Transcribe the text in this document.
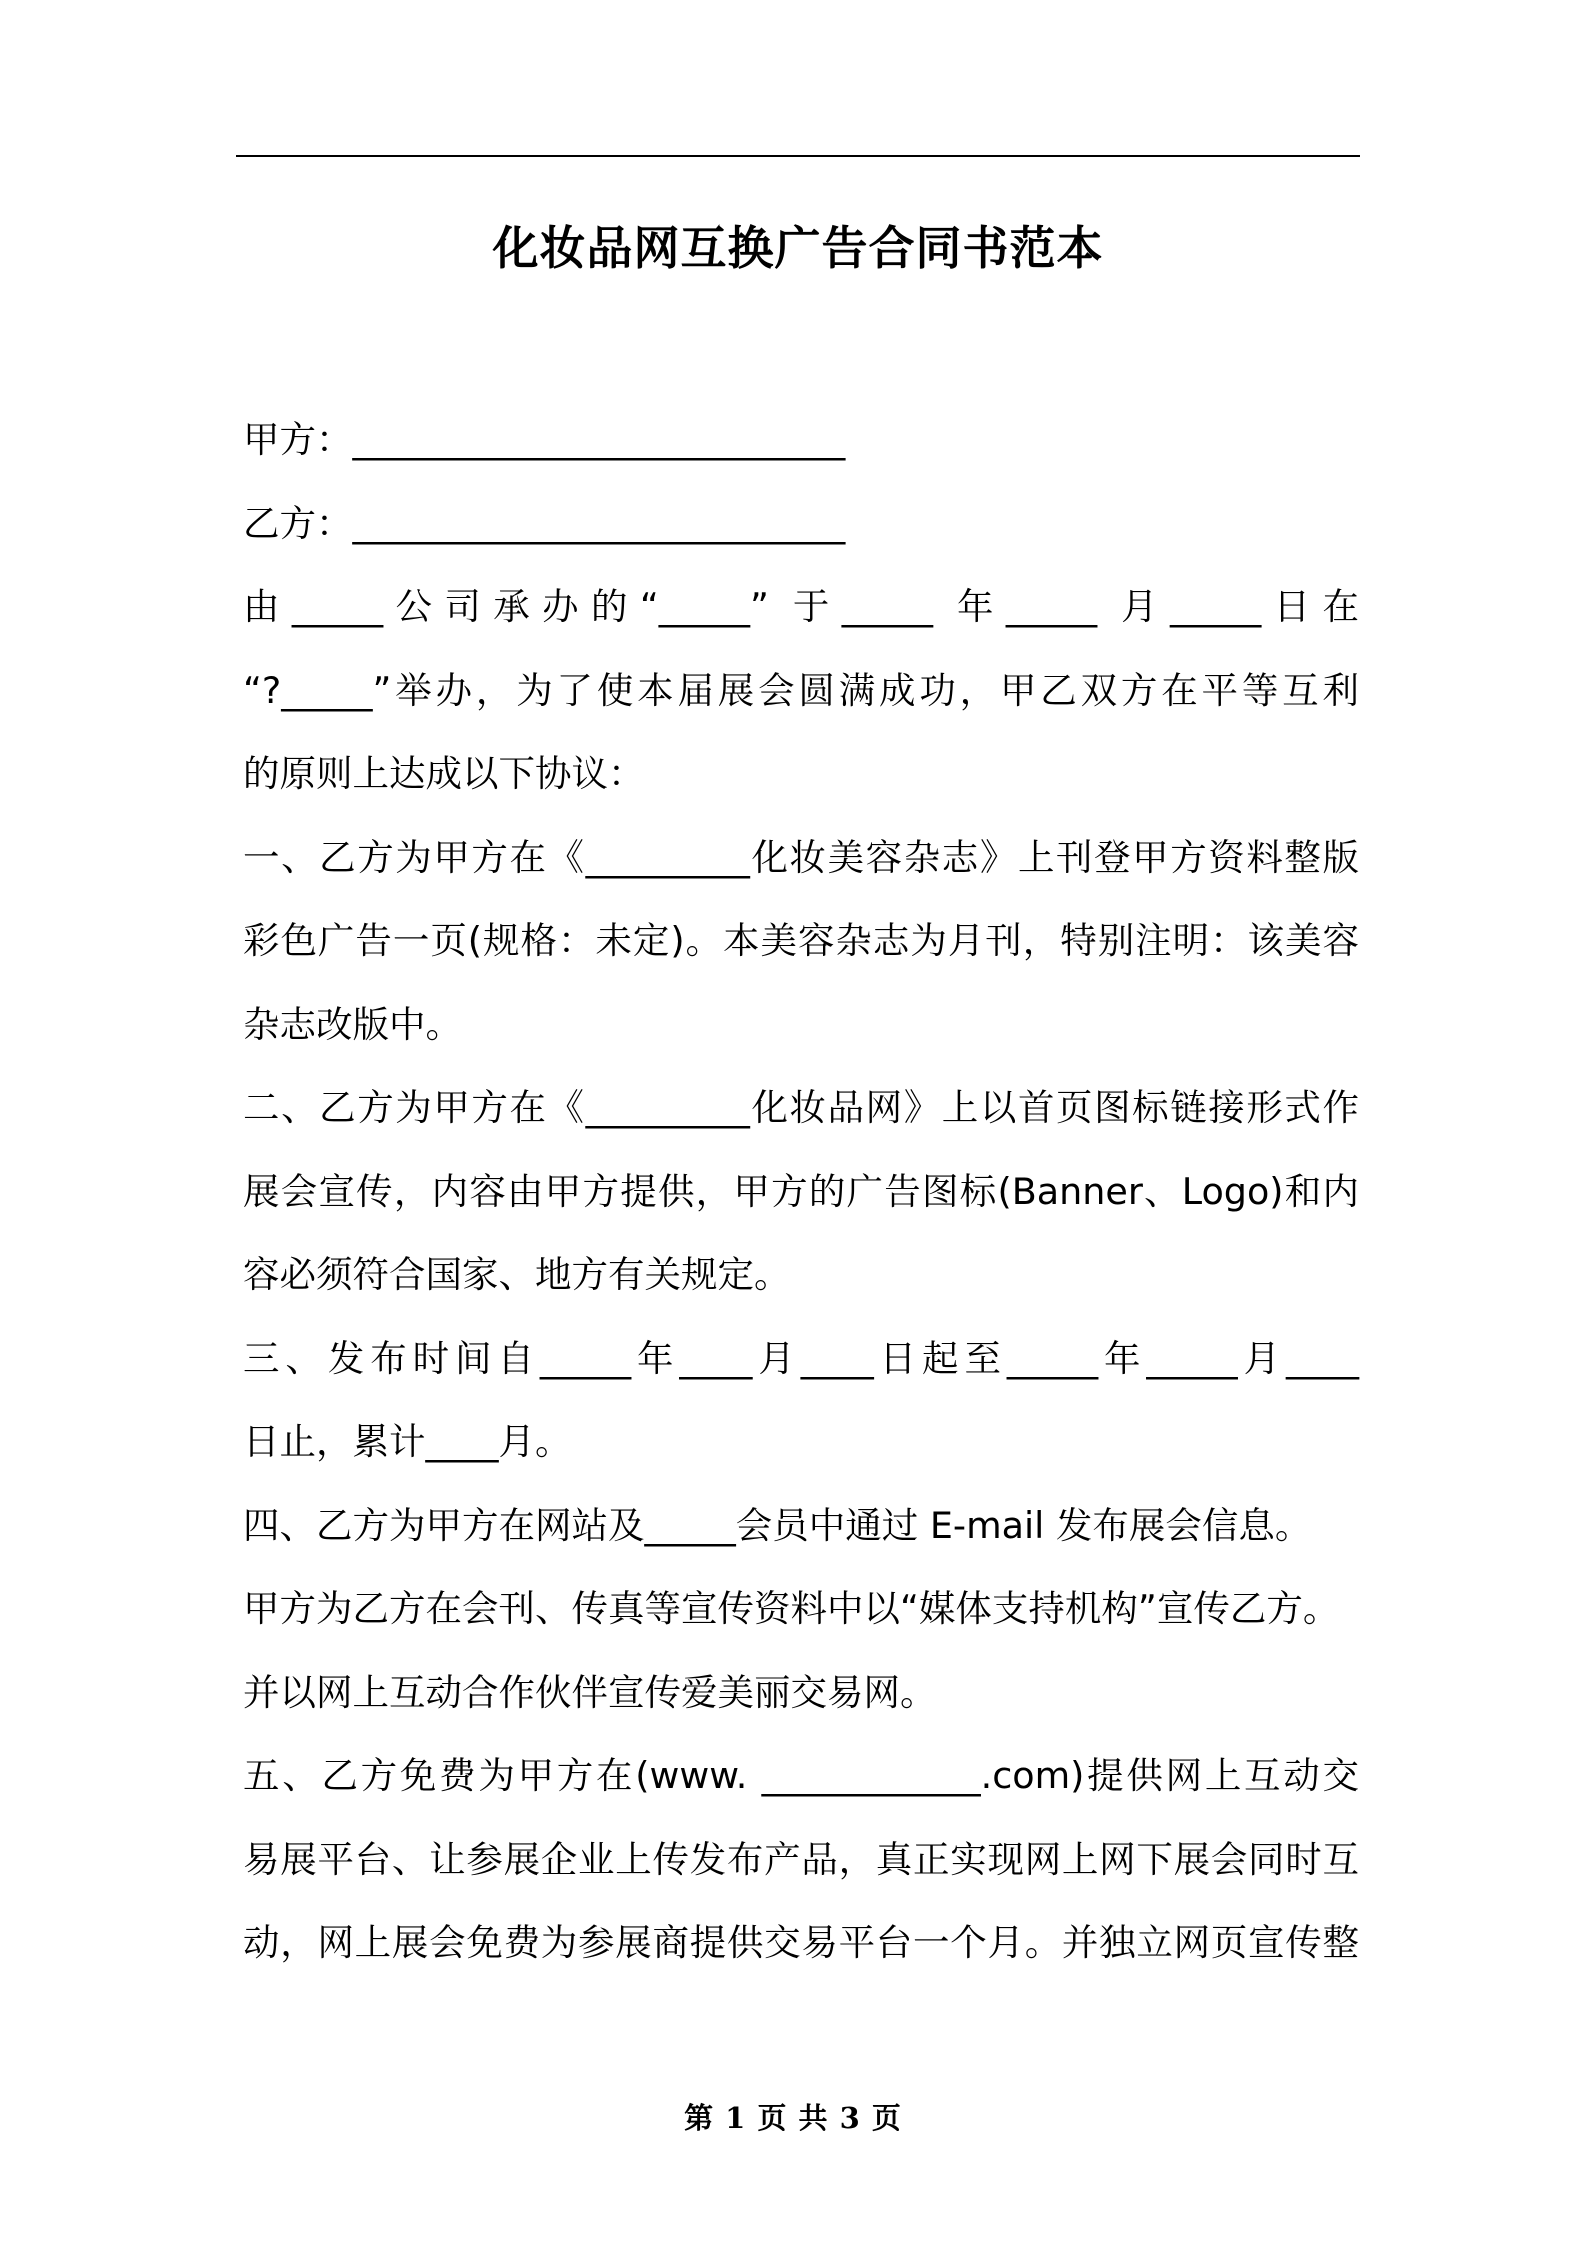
化妆品网互换广告合同书范本

甲方：___________________________

乙方：___________________________

由_____公司承办的“_____” 于_____ 年_____ 月_____日在
“?_____”举办，为了使本届展会圆满成功，甲乙双方在平等互利
的原则上达成以下协议：

一、乙方为甲方在《_________化妆美容杂志》上刊登甲方资料整版
彩色广告一页(规格：未定)。本美容杂志为月刊，特别注明：该美容
杂志改版中。

二、乙方为甲方在《_________化妆品网》上以首页图标链接形式作
展会宣传，内容由甲方提供，甲方的广告图标(Banner、Logo)和内
容必须符合国家、地方有关规定。

三、发布时间自_____年____月____日起至_____年_____月____
日止，累计____月。

四、乙方为甲方在网站及_____会员中通过 E-mail 发布展会信息。
甲方为乙方在会刊、传真等宣传资料中以“媒体支持机构”宣传乙方。
并以网上互动合作伙伴宣传爱美丽交易网。

五、乙方免费为甲方在(www. ____________.com)提供网上互动交
易展平台、让参展企业上传发布产品，真正实现网上网下展会同时互
动，网上展会免费为参展商提供交易平台一个月。并独立网页宣传整

第 1 页 共 3 页
